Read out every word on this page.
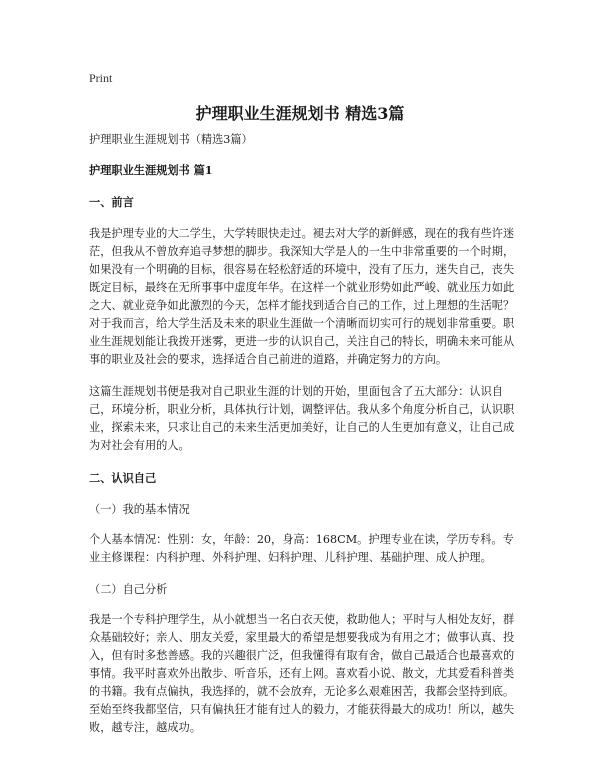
Print
护理职业生涯规划书 精选3篇

护理职业生涯规划书（精选3篇）

护理职业生涯规划书 篇1

一、前言

我是护理专业的大二学生，大学转眼快走过。褪去对大学的新鲜感，现在的我有些许迷茫，但我从不曾放弃追寻梦想的脚步。我深知大学是人的一生中非常重要的一个时期，如果没有一个明确的目标，很容易在轻松舒适的环境中，没有了压力，迷失自己，丧失既定目标，最终在无所事事中虚度年华。在这样一个就业形势如此严峻、就业压力如此之大、就业竞争如此激烈的今天，怎样才能找到适合自己的工作，过上理想的生活呢？对于我而言，给大学生活及未来的职业生涯做一个清晰而切实可行的规划非常重要。职业生涯规划能让我拨开迷雾，更进一步的认识自己，关注自己的特长，明确未来可能从事的职业及社会的要求，选择适合自己前进的道路，并确定努力的方向。

这篇生涯规划书便是我对自己职业生涯的计划的开始，里面包含了五大部分：认识自己，环境分析，职业分析，具体执行计划，调整评估。我从多个角度分析自己，认识职业，探索未来，只求让自己的未来生活更加美好，让自己的人生更加有意义，让自己成为对社会有用的人。

二、认识自己

（一）我的基本情况

个人基本情况：性别：女，年龄：20，身高：168CM。护理专业在读，学历专科。专业主修课程：内科护理、外科护理、妇科护理、儿科护理、基础护理、成人护理。

（二）自己分析

我是一个专科护理学生，从小就想当一名白衣天使，救助他人；平时与人相处友好，群众基础较好；亲人、朋友关爱，家里最大的希望是想要我成为有用之才；做事认真、投入，但有时多愁善感。我的兴趣很广泛，但我懂得有取有舍，做自己最适合也最喜欢的事情。我平时喜欢外出散步、听音乐，还有上网。喜欢看小说、散文，尤其爱看科普类的书籍。我有点偏执，我选择的，就不会放弃，无论多么艰难困苦，我都会坚持到底。至始至终我都坚信，只有偏执狂才能有过人的毅力，才能获得最大的成功！所以，越失败，越专注，越成功。
